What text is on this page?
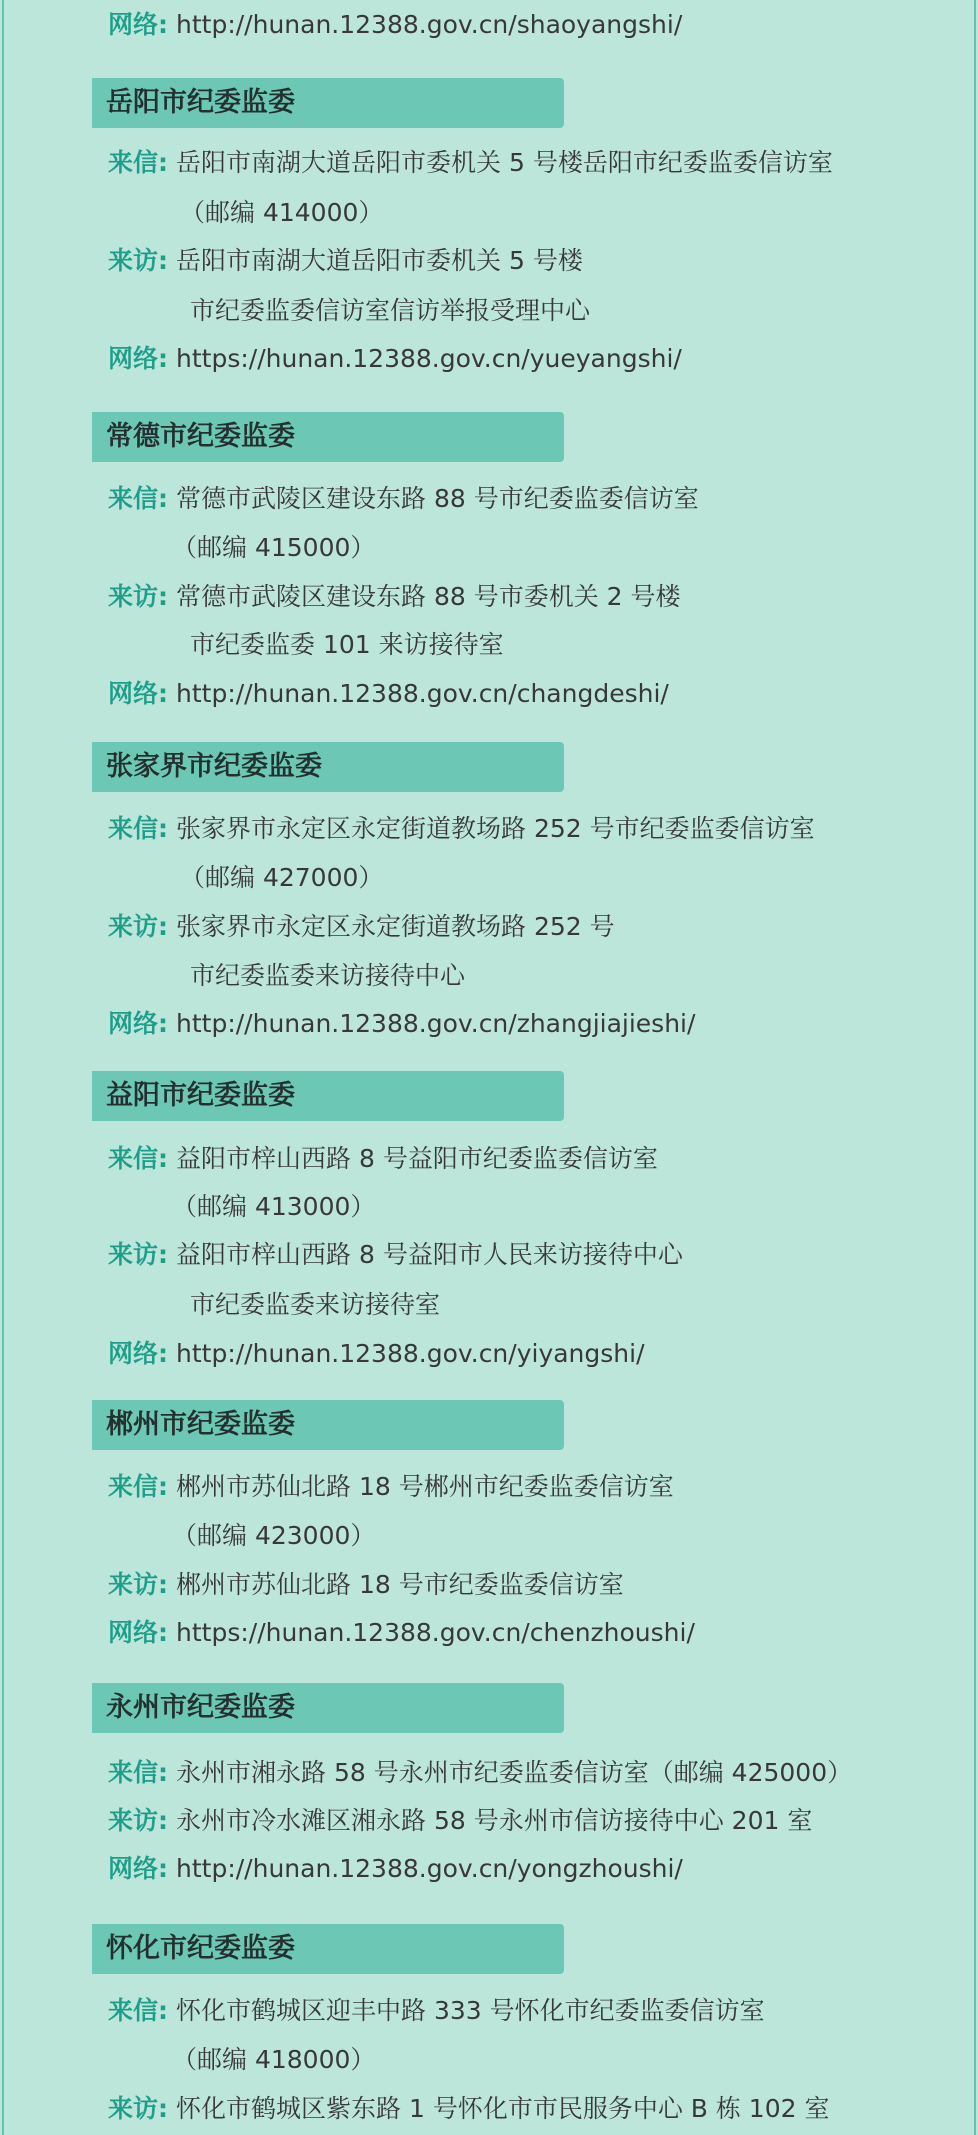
网络: http://hunan.12388.gov.cn/shaoyangshi/
岳阳市纪委监委
来信: 岳阳市南湖大道岳阳市委机关 5 号楼岳阳市纪委监委信访室
（邮编 414000）
来访: 岳阳市南湖大道岳阳市委机关 5 号楼
市纪委监委信访室信访举报受理中心
网络: https://hunan.12388.gov.cn/yueyangshi/
常德市纪委监委
来信: 常德市武陵区建设东路 88 号市纪委监委信访室
（邮编 415000）
来访: 常德市武陵区建设东路 88 号市委机关 2 号楼
市纪委监委 101 来访接待室
网络: http://hunan.12388.gov.cn/changdeshi/
张家界市纪委监委
来信: 张家界市永定区永定街道教场路 252 号市纪委监委信访室
（邮编 427000）
来访: 张家界市永定区永定街道教场路 252 号
市纪委监委来访接待中心
网络: http://hunan.12388.gov.cn/zhangjiajieshi/
益阳市纪委监委
来信: 益阳市梓山西路 8 号益阳市纪委监委信访室
（邮编 413000）
来访: 益阳市梓山西路 8 号益阳市人民来访接待中心
市纪委监委来访接待室
网络: http://hunan.12388.gov.cn/yiyangshi/
郴州市纪委监委
来信: 郴州市苏仙北路 18 号郴州市纪委监委信访室
（邮编 423000）
来访: 郴州市苏仙北路 18 号市纪委监委信访室
网络: https://hunan.12388.gov.cn/chenzhoushi/
永州市纪委监委
来信: 永州市湘永路 58 号永州市纪委监委信访室（邮编 425000）
来访: 永州市冷水滩区湘永路 58 号永州市信访接待中心 201 室
网络: http://hunan.12388.gov.cn/yongzhoushi/
怀化市纪委监委
来信: 怀化市鹤城区迎丰中路 333 号怀化市纪委监委信访室
（邮编 418000）
来访: 怀化市鹤城区紫东路 1 号怀化市市民服务中心 B 栋 102 室
